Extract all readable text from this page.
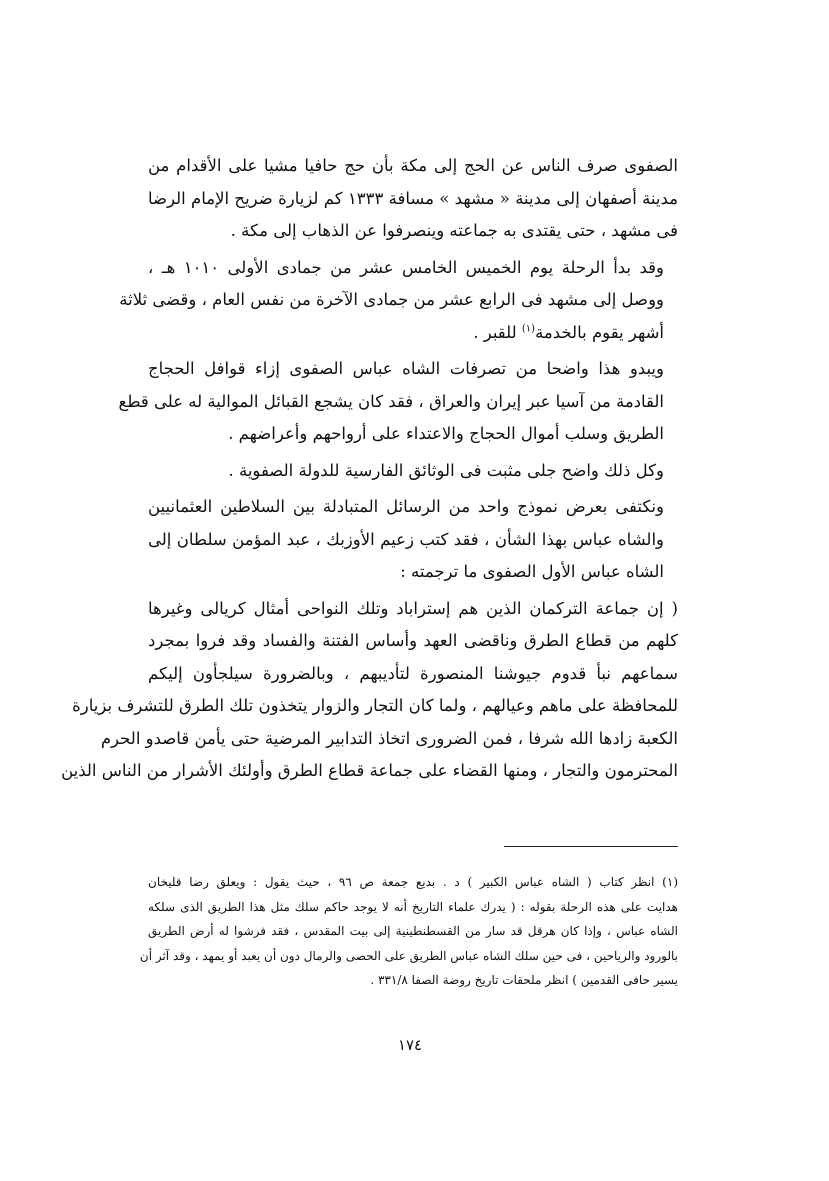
الصفوى صرف الناس عن الحج إلى مكة بأن حج حافيا مشيا على الأقدام من
مدينة أصفهان إلى مدينة « مشهد » مسافة ١٣٣٣ كم لزيارة ضريح الإمام الرضا
فى مشهد ، حتى يقتدى به جماعته وينصرفوا عن الذهاب إلى مكة .

وقد بدأ الرحلة يوم الخميس الخامس عشر من جمادى الأولى ١٠١٠ هـ ،
ووصل إلى مشهد فى الرابع عشر من جمادى الآخرة من نفس العام ، وقضى ثلاثة
أشهر يقوم بالخدمة$^{(١)}$ للقبر .

ويبدو هذا واضحا من تصرفات الشاه عباس الصفوى إزاء قوافل الحجاج
القادمة من آسيا عبر إيران والعراق ، فقد كان يشجع القبائل الموالية له على قطع
الطريق وسلب أموال الحجاج والاعتداء على أرواحهم وأعراضهم .

وكل ذلك واضح جلى مثبت فى الوثائق الفارسية للدولة الصفوية .

ونكتفى بعرض نموذج واحد من الرسائل المتبادلة بين السلاطين العثمانيين
والشاه عباس بهذا الشأن ، فقد كتب زعيم الأوزبك ، عبد المؤمن سلطان إلى
الشاه عباس الأول الصفوى ما ترجمته :

( إن جماعة التركمان الذين هم إستراباد وتلك النواحى أمثال كريالى وغيرها
كلهم من قطاع الطرق وناقضى العهد وأساس الفتنة والفساد وقد فروا بمجرد
سماعهم نبأ قدوم جيوشنا المنصورة لتأديبهم ، وبالضرورة سيلجأون إليكم
للمحافظة على ماهم وعيالهم ، ولما كان التجار والزوار يتخذون تلك الطرق للتشرف بزيارة
الكعبة زادها الله شرفا ، فمن الضرورى اتخاذ التدابير المرضية حتى يأمن قاصدو الحرم
المحترمون والتجار ، ومنها القضاء على جماعة قطاع الطرق وأولئك الأشرار من الناس الذين

(١) انظر كتاب ( الشاه عباس الكبير ) د . بديع جمعة ص ٩٦ ، حيث يقول : ويعلق رضا قليخان
هدايت على هذه الرحلة بقوله : ( يدرك علماء التاريخ أنه لا يوجد حاكم سلك مثل هذا الطريق الذى سلكه
الشاه عباس ، وإذا كان هرقل قد سار من القسطنطينية إلى بيت المقدس ، فقد فرشوا له أرض الطريق
بالورود والرياحين ، فى حين سلك الشاه عباس الطريق على الحصى والرمال دون أن يعبد أو يمهد ، وقد آثر أن
يسير حافى القدمين ) انظر ملحقات تاريخ روضة الصفا ٣٣١/٨ .
١٧٤
